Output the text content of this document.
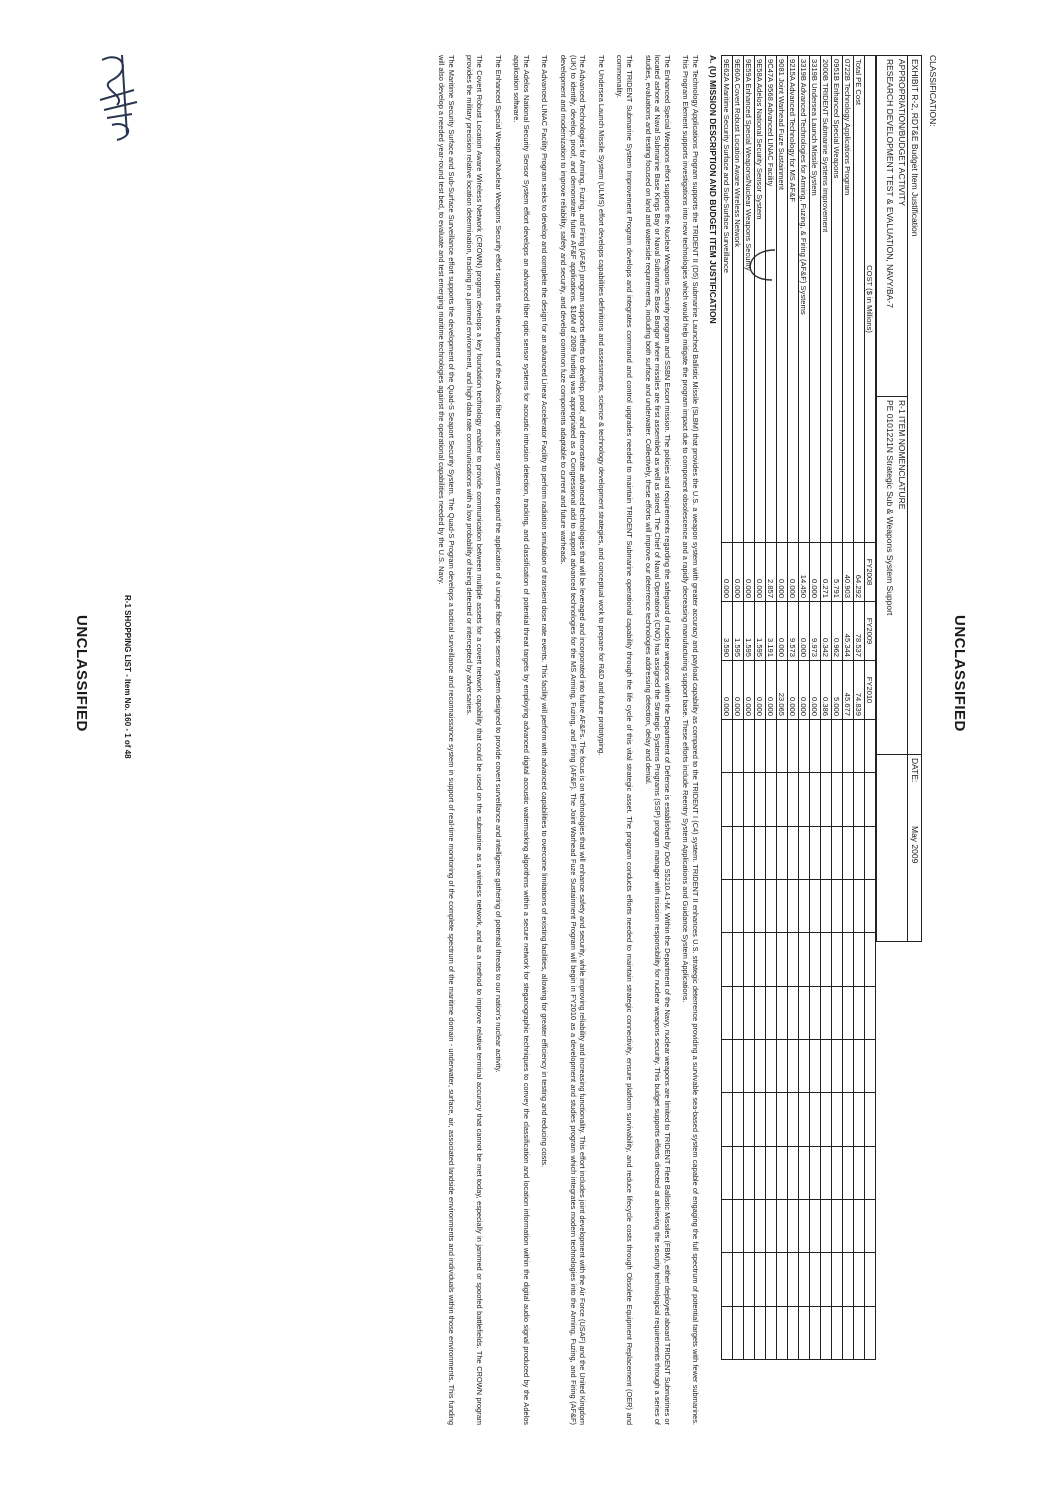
UNCLASSIFIED
CLASSIFICATION:
EXHIBIT R-2, RDT&E Budget Item Justification
DATE:
May 2009
APPROPRIATION/BUDGET ACTIVITY
RESEARCH DEVELOPMENT TEST & EVALUATION, NAVY/BA-7
R-1 ITEM NOMENCLATURE
PE 0101221N Strategic Sub & Weapons System Support
COST ($ in Millions)	FY2008	FY2009	FY2010												
Total PE Cost	64.292	78.537	74.839												
0722B Technology Applications Program	40.903	45.344	45.677												
0951B Enhanced Special Weapons	5.791	0.962	5.000												
2000B TRIDENT Submarine Systems Improvement	0.271	0.342	0.386												
3319B Undersea Launch Missile System	0.000	9.973	0.000												
3319B Advanced Technologies for Arming, Fuzing, & Firing (AF&F) Systems	14.450	0.000	0.000												
9215A Advanced Technology for MS AF&F	0.000	9.573	0.000												
9081 Joint Warhead Fuze Sustainment	0.000	0.000	23.065												
9C47A 9568 Advanced LINAC Facility	2.857	3.191	0.000												
9E58A Adelos National Security Sensor System	0.000	1.595	0.000												
9E59A Enhanced Special Weapons/Nuclear Weapons Security	0.000	1.595	0.000												
9E60A Covert Robust Location Aware Wireless Network	0.000	1.595	0.000												
9E62A Maritime Security Surface and Sub-Surface Surveillance	0.000	3.590	0.000												
A. (U) MISSION DESCRIPTION AND BUDGET ITEM JUSTIFICATION
The Technology Applications Program supports the TRIDENT II (D5) Submarine Launched Ballistic Missile (SLBM) that provides the U.S. a weapon system with greater accuracy and payload capability as compared to the TRIDENT I (C4) system. TRIDENT II enhances U.S. strategic deterrence providing a survivable sea-based system capable of engaging the full spectrum of potential targets with fewer submarines. This Program Element supports investigations into new technologies which would help mitigate the program impact due to component obsolescence and a rapidly decreasing manufacturing support base. These efforts include Reentry System Applications and Guidance System Applications.
The Enhanced Special Weapons effort supports the Nuclear Weapons Security program and SSBN Escort mission. The policies and requirements regarding the safeguard of nuclear weapons within the Department of Defense is established by DoD S5210.41-M. Within the Department of the Navy, nuclear weapons are limited to TRIDENT Fleet Ballistic Missiles (FBM), either deployed aboard TRIDENT Submarines or located ashore at Naval Submarine Base Kings Bay or Naval Submarine Base Bangor where missiles are first assembled as well as stored. The Chief of Naval Operations (CNO) has assigned the Strategic Systems Programs (SSP) program manager with mission responsibility for nuclear weapons security. This budget supports efforts directed at achieving the security technological requirements through a series of studies, evaluations and testing focused on land and waterside requirements, including both surface and underwater. Collectively, these efforts will improve our deterrence technologies addressing detection, delay and denial.
The TRIDENT Submarine System Improvement Program develops and integrates command and control upgrades needed to maintain TRIDENT Submarine operational capability through the life cycle of this vital strategic asset. The program conducts efforts needed to maintain strategic connectivity, ensure platform survivability, and reduce lifecycle costs through Obsolete Equipment Replacement (OER) and commonality.
The Undersea Launch Missile System (ULMS) effort develops capabilities definitions and assessments, science & technology development strategies, and conceptual work to prepare for R&D and future prototyping.
The Advanced Technologies for Arming, Fuzing, and Firing (AF&F) program supports efforts to develop, proof, and demonstrate advanced technologies that will be leveraged and incorporated into future AF&Fs. The focus is on technologies that will enhance safety and security, while improving reliability and increasing functionality. This effort includes joint development with the Air Force (USAF) and the United Kingdom (UK) to identify, develop, proof, and demonstrate future AF&F applications. $16M of 2009 funding was appropriated as a Congressional add to support advanced technologies for the MS Arming, Fuzing, and Firing (AF&F). The Joint Warhead Fuze Sustainment Program will begin in FY2010 as a development and studies program which integrates modern technologies into the Arming, Fuzing, and Firing (AF&F) development and modernization to improve reliability, safety and security, and develop common fuze components adaptable to current and future warheads.
The Advanced LINAC Facility Program seeks to develop and complete the design for an advanced Linear Accelerator Facility to perform radiation simulation of transient dose rate events. This facility will perform with advanced capabilities to overcome limitations of existing facilities, allowing for greater efficiency in testing and reducing costs.
The Adelos National Security Sensor System effort develops an advanced fiber optic sensor systems for acoustic intrusion detection, tracking, and classification of potential threat targets by employing advanced digital acoustic watermarking algorithms within a secure network for steganographic techniques to convey the classification and location information within the digital audio signal produced by the Adelos application software.
The Enhanced Special Weapons/Nuclear Weapons Security effort supports the development of the Adelos fiber optic sensor system to expand the application of a unique fiber optic sensor system designed to provide covert surveillance and intelligence gathering of potential threats to our nation's nuclear activity.
The Covert Robust Location Aware Wireless Network (CROWN) program develops a key foundation technology enabler to provide communication between multiple assets for a covert network capability that could be used on the submarine as a wireless network, and as a method to improve relative terminal accuracy that cannot be met today, especially in jammed or spoofed battlefields. The CROWN program provides the military precision relative location determination, tracking in a jammed environment, and high data rate communications with a low probability of being detected or intercepted by adversaries.
The Maritime Security Surface and Sub-Surface Surveillance effort supports the development of the Quad-S Seaport Security System. The Quad-S Program develops a tactical surveillance and reconnaissance system in support of real-time monitoring of the complete spectrum of the maritime domain - underwater, surface, air, associated landside environments and individuals within those environments. This funding will also develop a needed year-round test bed, to evaluate and test emerging maritime technologies against the operational capabilities needed by the U.S. Navy.
R-1 SHOPPING LIST - Item No. 160 - 1 of 48
UNCLASSIFIED
